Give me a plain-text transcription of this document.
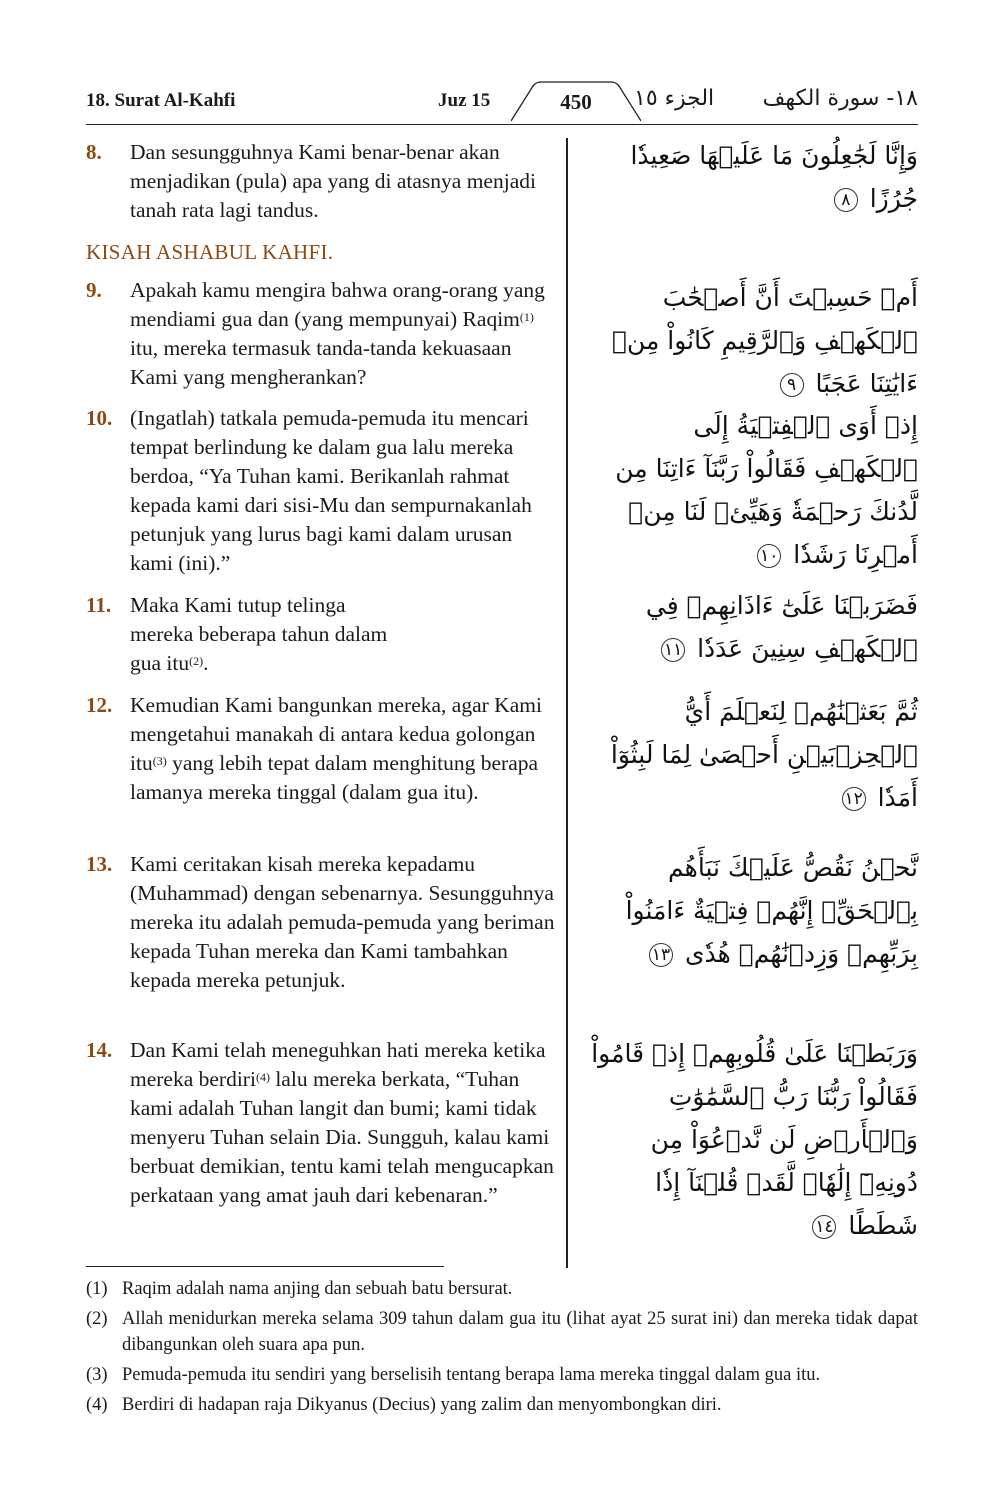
18. Surat Al-Kahfi	Juz 15	450	الجزء ١٥ ١٨- سورة الكهف
8.	Dan sesungguhnya Kami benar-benar akan menjadikan (pula) apa yang di atasnya menjadi tanah rata lagi tandus.
وَإِنَّا لَجَٰعِلُونَ مَا عَلَيۡهَا صَعِيدٗا جُرُزًا ٨
KISAH ASHABUL KAHFI.
9.	Apakah kamu mengira bahwa orang-orang yang mendiami gua dan (yang mempunyai) Raqim$^{(1)}$ itu, mereka termasuk tanda-tanda kekuasaan Kami yang mengherankan?
أَمۡ حَسِبۡتَ أَنَّ أَصۡحَٰبَ ٱلۡكَهۡفِ وَٱلرَّقِيمِ كَانُواْ مِنۡ ءَايَٰتِنَا عَجَبًا ٩
10. (Ingatlah) tatkala pemuda-pemuda itu mencari tempat berlindung ke dalam gua lalu mereka berdoa, “Ya Tuhan kami. Berikanlah rahmat kepada kami dari sisi-Mu dan sempurnakanlah petunjuk yang lurus bagi kami dalam urusan kami (ini).”
إِذۡ أَوَى ٱلۡفِتۡيَةُ إِلَى ٱلۡكَهۡفِ فَقَالُواْ رَبَّنَآ ءَاتِنَا مِن لَّدُنكَ رَحۡمَةٗ وَهَيِّئۡ لَنَا مِنۡ أَمۡرِنَا رَشَدٗا ١٠
11. Maka Kami tutup telinga mereka beberapa tahun dalam gua itu$^{(2)}$.
فَضَرَبۡنَا عَلَىٰٓ ءَاذَانِهِمۡ فِي ٱلۡكَهۡفِ سِنِينَ عَدَدٗا ١١
12. Kemudian Kami bangunkan mereka, agar Kami mengetahui manakah di antara kedua golongan itu$^{(3)}$ yang lebih tepat dalam menghitung berapa lamanya mereka tinggal (dalam gua itu).
ثُمَّ بَعَثۡنَٰهُمۡ لِنَعۡلَمَ أَيُّ ٱلۡحِزۡبَيۡنِ أَحۡصَىٰ لِمَا لَبِثُوٓاْ أَمَدٗا ١٢
13. Kami ceritakan kisah mereka kepadamu (Muhammad) dengan sebenarnya. Sesungguhnya mereka itu adalah pemuda-pemuda yang beriman kepada Tuhan mereka dan Kami tambahkan kepada mereka petunjuk.
نَّحۡنُ نَقُصُّ عَلَيۡكَ نَبَأَهُم بِٱلۡحَقِّۚ إِنَّهُمۡ فِتۡيَةٌ ءَامَنُواْ بِرَبِّهِمۡ وَزِدۡنَٰهُمۡ هُدٗى ١٣
14. Dan Kami telah meneguhkan hati mereka ketika mereka berdiri$^{(4)}$ lalu mereka berkata, “Tuhan kami adalah Tuhan langit dan bumi; kami tidak menyeru Tuhan selain Dia. Sungguh, kalau kami berbuat demikian, tentu kami telah mengucapkan perkataan yang amat jauh dari kebenaran.”
وَرَبَطۡنَا عَلَىٰ قُلُوبِهِمۡ إِذۡ قَامُواْ فَقَالُواْ رَبُّنَا رَبُّ ٱلسَّمَٰوَٰتِ وَٱلۡأَرۡضِ لَن نَّدۡعُوَاْ مِن دُونِهِۦٓ إِلَٰهٗاۖ لَّقَدۡ قُلۡنَآ إِذٗا شَطَطًا ١٤
(1) Raqim adalah nama anjing dan sebuah batu bersurat.
(2) Allah menidurkan mereka selama 309 tahun dalam gua itu (lihat ayat 25 surat ini) dan mereka tidak dapat dibangunkan oleh suara apa pun.
(3) Pemuda-pemuda itu sendiri yang berselisih tentang berapa lama mereka tinggal dalam gua itu.
(4) Berdiri di hadapan raja Dikyanus (Decius) yang zalim dan menyombongkan diri.
